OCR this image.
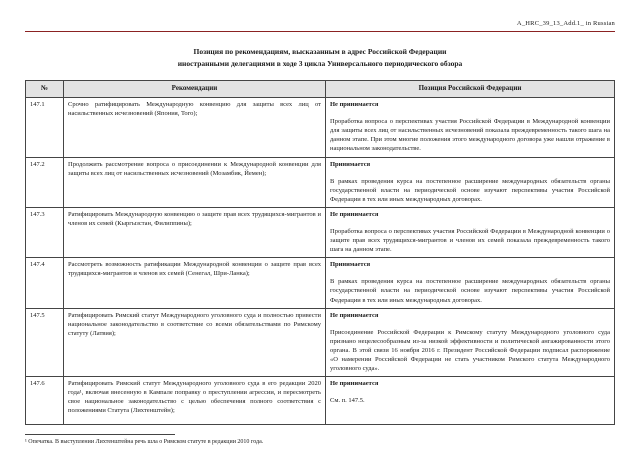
A_HRC_39_13_Add.1_ in Russian
Позиция по рекомендациям, высказанным в адрес Российской Федерации
иностранными делегациями в ходе 3 цикла Универсального периодического обзора
№	Рекомендации	Позиция Российской Федерации
147.1	Срочно ратифицировать Международную конвенцию для защиты всех лиц от насильственных исчезновений (Япония, Того);	Не принимается
Проработка вопроса о перспективах участия Российской Федерации в Международной конвенции для защиты всех лиц от насильственных исчезновений показала преждевременность такого шага на данном этапе. При этом многие положения этого международного договора уже нашли отражение в национальном законодательстве.

147.2	Продолжить рассмотрение вопроса о присоединении к Международной конвенции для защиты всех лиц от насильственных исчезновений (Мозамбик, Йемен);	Принимается
В рамках проведения курса на постепенное расширение международных обязательств органы государственной власти на периодической основе изучают перспективы участия Российской Федерации в тех или иных международных договорах.

147.3	Ратифицировать Международную конвенцию о защите прав всех трудящихся-мигрантов и членов их семей (Кыргызстан, Филиппины);	Не принимается
Проработка вопроса о перспективах участия Российской Федерации в Международной конвенции о защите прав всех трудящихся-мигрантов и членов их семей показала преждевременность такого шага на данном этапе.

147.4	Рассмотреть возможность ратификации Международной конвенции о защите прав всех трудящихся-мигрантов и членов их семей (Сенегал, Шри-Ланка);	Принимается
В рамках проведения курса на постепенное расширение международных обязательств органы государственной власти на периодической основе изучают перспективы участия Российской Федерации в тех или иных международных договорах.

147.5	Ратифицировать Римский статут Международного уголовного суда и полностью привести национальное законодательство в соответствие со всеми обязательствами по Римскому статуту (Латвия);	Не принимается
Присоединение Российской Федерации к Римскому статуту Международного уголовного суда признано нецелесообразным из-за низкой эффективности и политической ангажированности этого органа. В этой связи 16 ноября 2016 г. Президент Российской Федерации подписал распоряжение «О намерении Российской Федерации не стать участником Римского статута Международного уголовного суда».

147.6	Ратифицировать Римский статут Международного уголовного суда в его редакции 2020 года¹, включая внесенную в Кампале поправку о преступлении агрессии, и пересмотреть свое национальное законодательство с целью обеспечения полного соответствия с положениями Статута (Лихтенштейн);	Не принимается
См. п. 147.5.
¹ Опечатка. В выступлении Лихтенштейна речь шла о Римском статуте в редакции 2010 года.
